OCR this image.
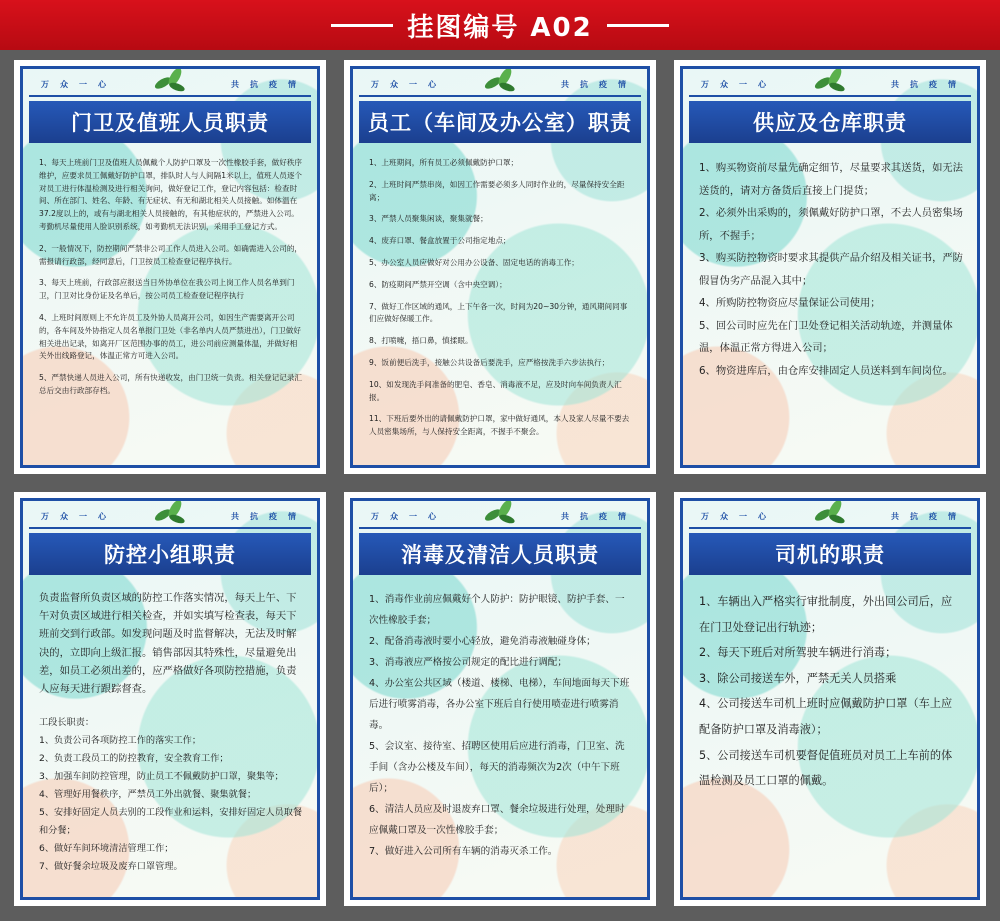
挂图编号 A02
万众一心	共抗疫情
门卫及值班人员职责

1、每天上班前门卫及值班人员佩戴个人防护口罩及一次性橡胶手套，做好秩序维护，应要求员工佩戴好防护口罩，排队时人与人间隔1米以上，值班人员逐个对员工进行体温检测及进行相关询问，做好登记工作，登记内容包括：检查时间、所在部门、姓名、年龄、有无症状、有无和湖北相关人员接触。如体温在37.2度以上的，或有与湖北相关人员接触的，有其他症状的，严禁进入公司。考勤机尽量使用人脸识别系统，如考勤机无法识别，采用手工登记方式。

2、一般情况下，防控期间严禁非公司工作人员进入公司。如确需进入公司的，需报请行政部，经同意后，门卫按员工检查登记程序执行。

3、每天上班前，行政部应报送当日外协单位在我公司上岗工作人员名单到门卫，门卫对比身份证及名单后，按公司员工检查登记程序执行

4、上班时间原则上不允许员工及外协人员离开公司，如因生产需要离开公司的，各车间及外协指定人员名单报门卫处（非名单内人员严禁进出），门卫做好相关进出记录，如离开厂区范围办事的员工，进公司前应测量体温，并做好相关外出线路登记，体温正常方可进入公司。

5、严禁快递人员进入公司，所有快递收发，由门卫统一负责。相关登记记录汇总后交由行政部存档。

万众一心	共抗疫情
员工（车间及办公室）职责

1、上班期间，所有员工必须佩戴防护口罩；

2、上班时间严禁串岗，如因工作需要必须多人同时作业的，尽量保持安全距离；

3、严禁人员聚集闲谈，聚集就餐；

4、废弃口罩、餐盒放置于公司指定地点；

5、办公室人员应做好对公用办公设备、固定电话的消毒工作；

6、防疫期间严禁开空调（含中央空调）；

7、做好工作区域的通风，上下午各一次，时间为20~30分钟，通风期间同事们应做好保暖工作。

8、打喷嚏，捂口鼻，慎揉眼。

9、饭前便后洗手，接触公共设备后要洗手，应严格按洗手六步法执行；

10、如发现洗手间准备的肥皂、香皂、消毒液不足，应及时向车间负责人汇报。

11、下班后要外出的请佩戴防护口罩，家中做好通风，本人及家人尽量不要去人员密集场所，与人保持安全距离，不握手不聚会。

万众一心	共抗疫情
供应及仓库职责

1、购买物资前尽量先确定细节，尽量要求其送货，如无法送货的，请对方备货后直接上门提货；

2、必须外出采购的，须佩戴好防护口罩，不去人员密集场所，不握手；

3、购买防控物资时要求其提供产品介绍及相关证书，严防假冒伪劣产品混入其中；

4、所购防控物资应尽量保证公司使用；

5、回公司时应先在门卫处登记相关活动轨迹，并测量体温，体温正常方得进入公司；

6、物资进库后，由仓库安排固定人员送料到车间岗位。

万众一心	共抗疫情
防控小组职责

负责监督所负责区域的防控工作落实情况，每天上午、下午对负责区域进行相关检查，并如实填写检查表，每天下班前交到行政部。如发现问题及时监督解决，无法及时解决的，立即向上级汇报。销售部因其特殊性，尽量避免出差，如员工必须出差的，应严格做好各项防控措施，负责人应每天进行跟踪督查。

工段长职责：

1、负责公司各项防控工作的落实工作；

2、负责工段员工的防控教育，安全教育工作；

3、加强车间防控管理，防止员工不佩戴防护口罩，聚集等；

4、管理好用餐秩序，严禁员工外出就餐、聚集就餐；

5、安排好固定人员去别的工段作业和运料，安排好固定人员取餐和分餐；

6、做好车间环境清洁管理工作；

7、做好餐余垃圾及废弃口罩管理。

万众一心	共抗疫情
消毒及清洁人员职责

1、消毒作业前应佩戴好个人防护：防护眼镜、防护手套、一次性橡胶手套；

2、配备消毒液时要小心轻放，避免消毒液触碰身体；

3、消毒液应严格按公司规定的配比进行调配；

4、办公室公共区域（楼道、楼梯、电梯），车间地面每天下班后进行喷雾消毒，各办公室下班后自行使用喷壶进行喷雾消毒。

5、会议室、接待室、招聘区使用后应进行消毒，门卫室、洗手间（含办公楼及车间），每天的消毒频次为2次（中午下班后）；

6、清洁人员应及时退废弃口罩、餐余垃圾进行处理，处理时应佩戴口罩及一次性橡胶手套；

7、做好进入公司所有车辆的消毒灭杀工作。

万众一心	共抗疫情
司机的职责

1、车辆出入严格实行审批制度，外出回公司后，应在门卫处登记出行轨迹；

2、每天下班后对所驾驶车辆进行消毒；

3、除公司接送车外，严禁无关人员搭乘

4、公司接送车司机上班时应佩戴防护口罩（车上应配备防护口罩及消毒液）；

5、公司接送车司机要督促值班员对员工上车前的体温检测及员工口罩的佩戴。
